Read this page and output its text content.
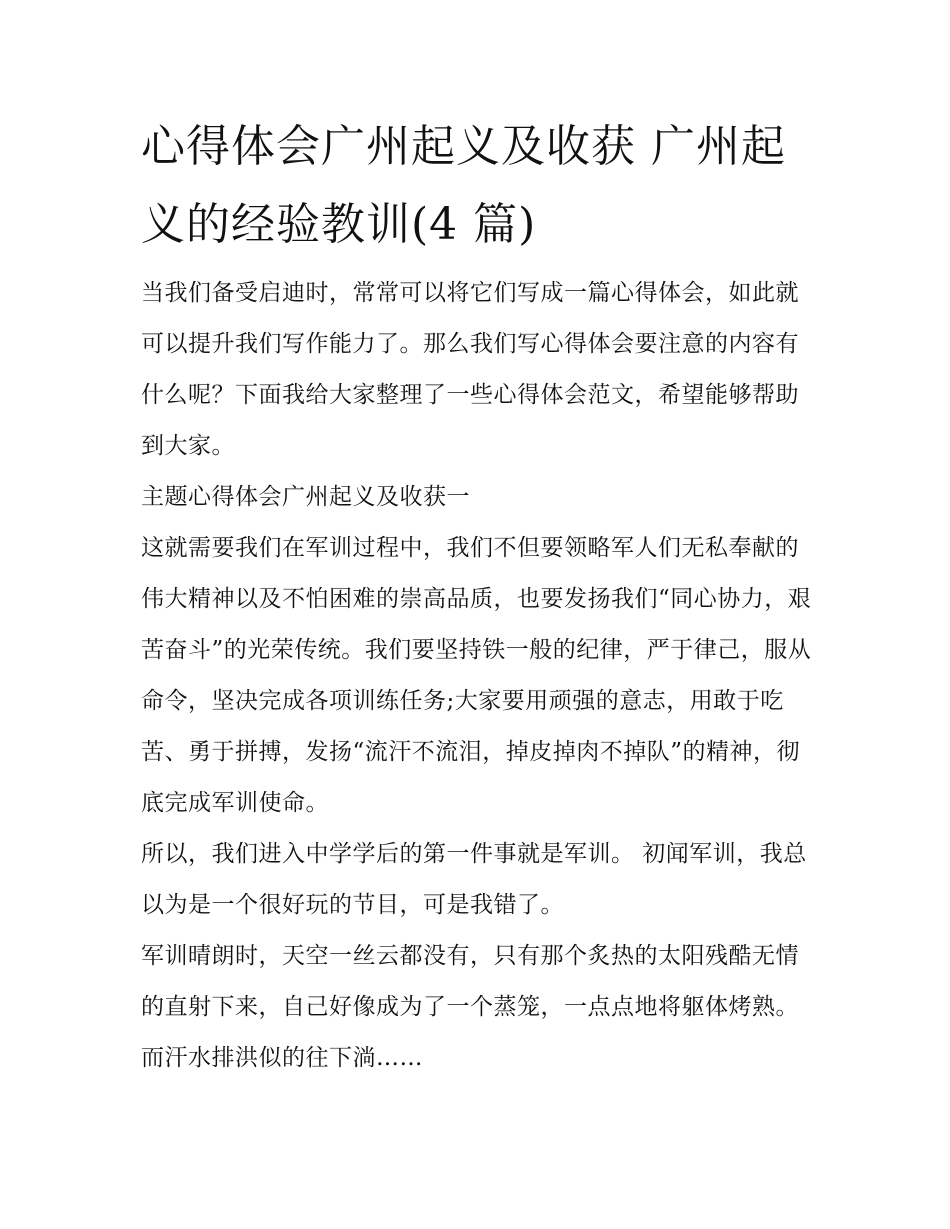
心得体会广州起义及收获 广州起义的经验教训(4 篇)

当我们备受启迪时，常常可以将它们写成一篇心得体会，如此就可以提升我们写作能力了。那么我们写心得体会要注意的内容有什么呢？下面我给大家整理了一些心得体会范文，希望能够帮助到大家。

主题心得体会广州起义及收获一

这就需要我们在军训过程中，我们不但要领略军人们无私奉献的伟大精神以及不怕困难的崇高品质，也要发扬我们“同心协力，艰苦奋斗”的光荣传统。我们要坚持铁一般的纪律，严于律己，服从命令，坚决完成各项训练任务;大家要用顽强的意志，用敢于吃苦、勇于拼搏，发扬“流汗不流泪，掉皮掉肉不掉队”的精神，彻底完成军训使命。

所以，我们进入中学学后的第一件事就是军训。 初闻军训，我总以为是一个很好玩的节目，可是我错了。

军训晴朗时，天空一丝云都没有，只有那个炙热的太阳残酷无情的直射下来，自己好像成为了一个蒸笼，一点点地将躯体烤熟。而汗水排洪似的往下淌……
